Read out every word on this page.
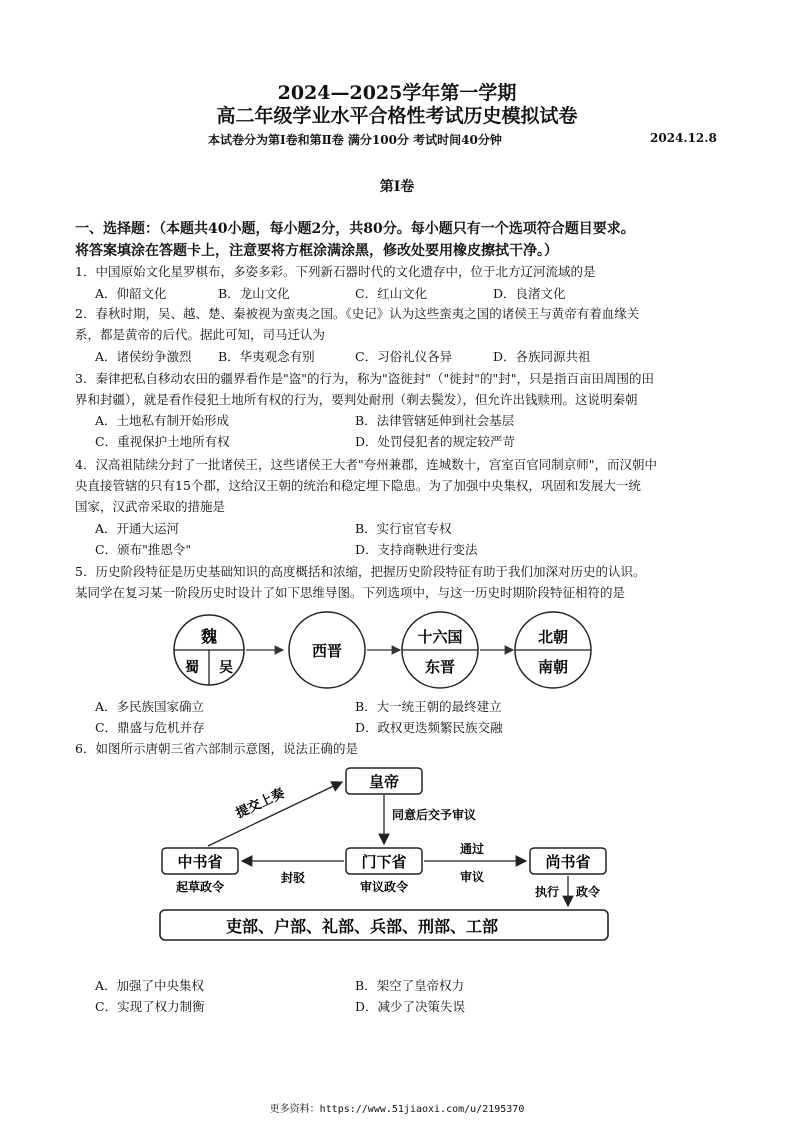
2024—2025学年第一学期
高二年级学业水平合格性考试历史模拟试卷
本试卷分为第Ⅰ卷和第Ⅱ卷 满分100分 考试时间40分钟	2024.12.8
第Ⅰ卷
一、选择题：（本题共40小题，每小题2分，共80分。每小题只有一个选项符合题目要求。
将答案填涂在答题卡上，注意要将方框涂满涂黑，修改处要用橡皮擦拭干净。）
1．中国原始文化星罗棋布，多姿多彩。下列新石器时代的文化遗存中，位于北方辽河流域的是
A．仰韶文化	B．龙山文化	C．红山文化	D．良渚文化
2．春秋时期，吴、越、楚、秦被视为蛮夷之国。《史记》认为这些蛮夷之国的诸侯王与黄帝有着血缘关
系，都是黄帝的后代。据此可知，司马迁认为
A．诸侯纷争激烈 B．华夷观念有别	C．习俗礼仪各异	D．各族同源共祖
3．秦律把私自移动农田的疆界看作是"盗"的行为，称为"盗徙封"（"徙封"的"封"，只是指百亩田周围的田
界和封疆），就是看作侵犯土地所有权的行为，要判处耐刑（剃去鬓发），但允许出钱赎刑。这说明秦朝
A．土地私有制开始形成	B．法律管辖延伸到社会基层
C．重视保护土地所有权	D．处罚侵犯者的规定较严苛
4．汉高祖陆续分封了一批诸侯王，这些诸侯王大者"夸州兼郡，连城数十，宫室百官同制京师"，而汉朝中
央直接管辖的只有15个郡，这给汉王朝的统治和稳定埋下隐患。为了加强中央集权，巩固和发展大一统
国家，汉武帝采取的措施是
A．开通大运河	B．实行宦官专权
C．颁布"推恩令"	D．支持商鞅进行变法
5．历史阶段特征是历史基础知识的高度概括和浓缩，把握历史阶段特征有助于我们加深对历史的认识。
某同学在复习某一阶段历史时设计了如下思维导图。下列选项中，与这一历史时期阶段特征相符的是
魏
蜀 吴
西晋
十六国
东晋
北朝
南朝
A．多民族国家确立	B．大一统王朝的最终建立
C．鼎盛与危机并存	D．政权更迭频繁民族交融
6．如图所示唐朝三省六部制示意图，说法正确的是
皇帝
提交上奏	同意后交予审议
中书省
起草政令
门下省
审议政令
封驳
通过
审议
尚书省
执行 政令
吏部、户部、礼部、兵部、刑部、工部
A．加强了中央集权	B．架空了皇帝权力
C．实现了权力制衡	D．减少了决策失误
更多资料：https://www.51jiaoxi.com/u/2195370
